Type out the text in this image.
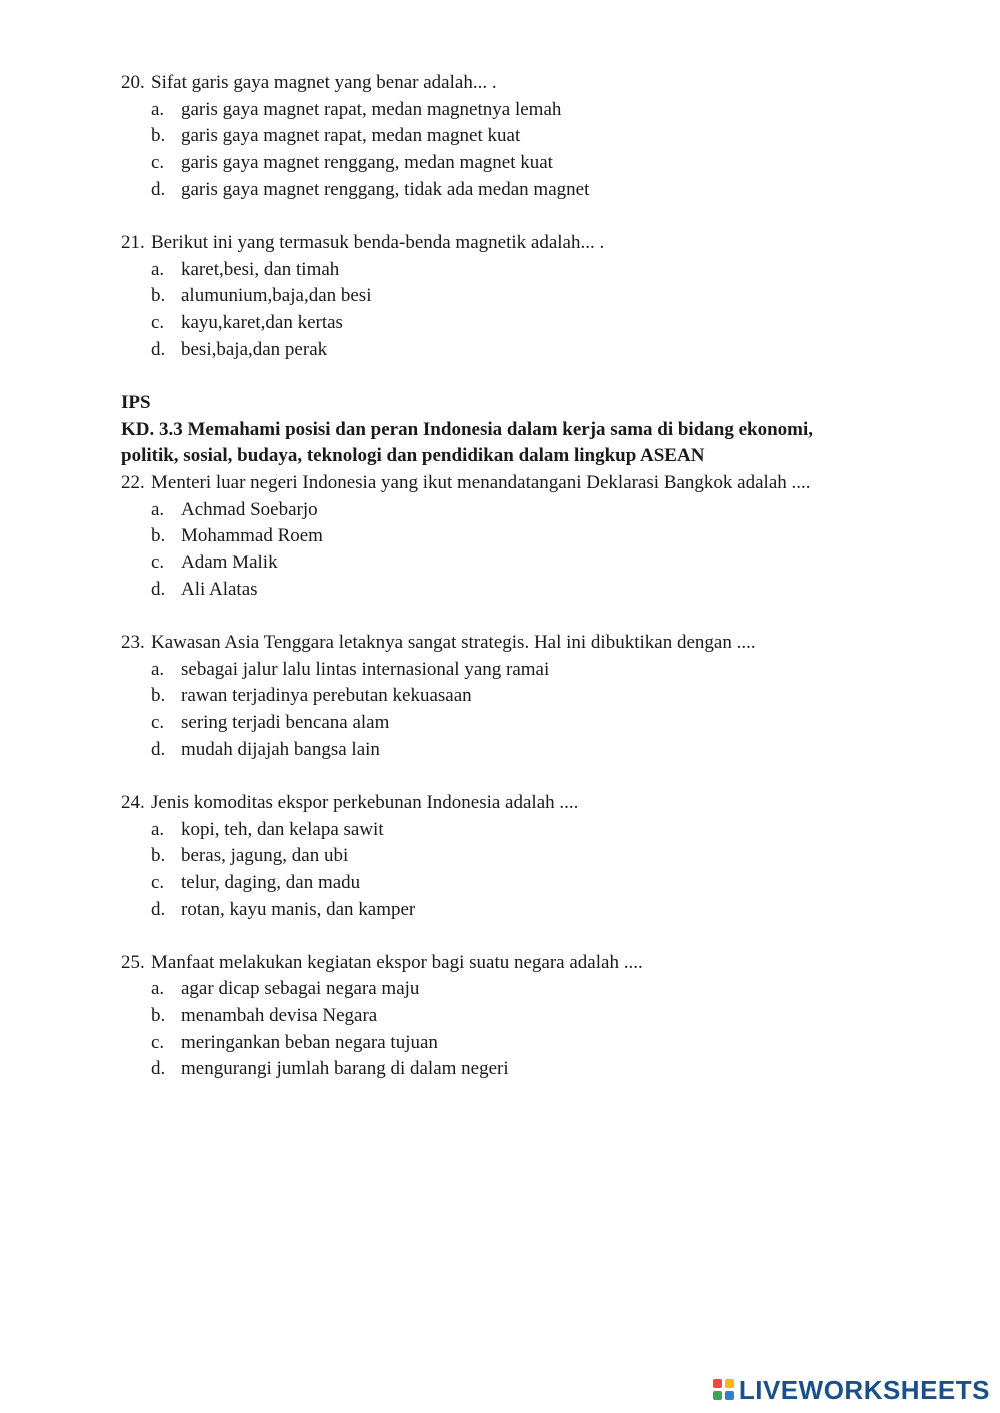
20. Sifat garis gaya magnet yang benar adalah... .
a. garis gaya magnet rapat, medan magnetnya lemah
b. garis gaya magnet rapat, medan magnet kuat
c. garis gaya magnet renggang, medan magnet kuat
d. garis gaya magnet renggang, tidak ada medan magnet
21. Berikut ini yang termasuk benda-benda magnetik adalah... .
a. karet,besi, dan timah
b. alumunium,baja,dan besi
c. kayu,karet,dan kertas
d. besi,baja,dan perak
IPS
KD. 3.3 Memahami posisi dan peran Indonesia dalam kerja sama di bidang ekonomi,
politik, sosial, budaya, teknologi dan pendidikan dalam lingkup ASEAN
22. Menteri luar negeri Indonesia yang ikut menandatangani Deklarasi Bangkok adalah ....
a. Achmad Soebarjo
b. Mohammad Roem
c. Adam Malik
d. Ali Alatas
23. Kawasan Asia Tenggara letaknya sangat strategis. Hal ini dibuktikan dengan ....
a. sebagai jalur lalu lintas internasional yang ramai
b. rawan terjadinya perebutan kekuasaan
c. sering terjadi bencana alam
d. mudah dijajah bangsa lain
24. Jenis komoditas ekspor perkebunan Indonesia adalah ....
a. kopi, teh, dan kelapa sawit
b. beras, jagung, dan ubi
c. telur, daging, dan madu
d. rotan, kayu manis, dan kamper
25. Manfaat melakukan kegiatan ekspor bagi suatu negara adalah ....
a. agar dicap sebagai negara maju
b. menambah devisa Negara
c. meringankan beban negara tujuan
d. mengurangi jumlah barang di dalam negeri
LIVEWORKSHEETS
